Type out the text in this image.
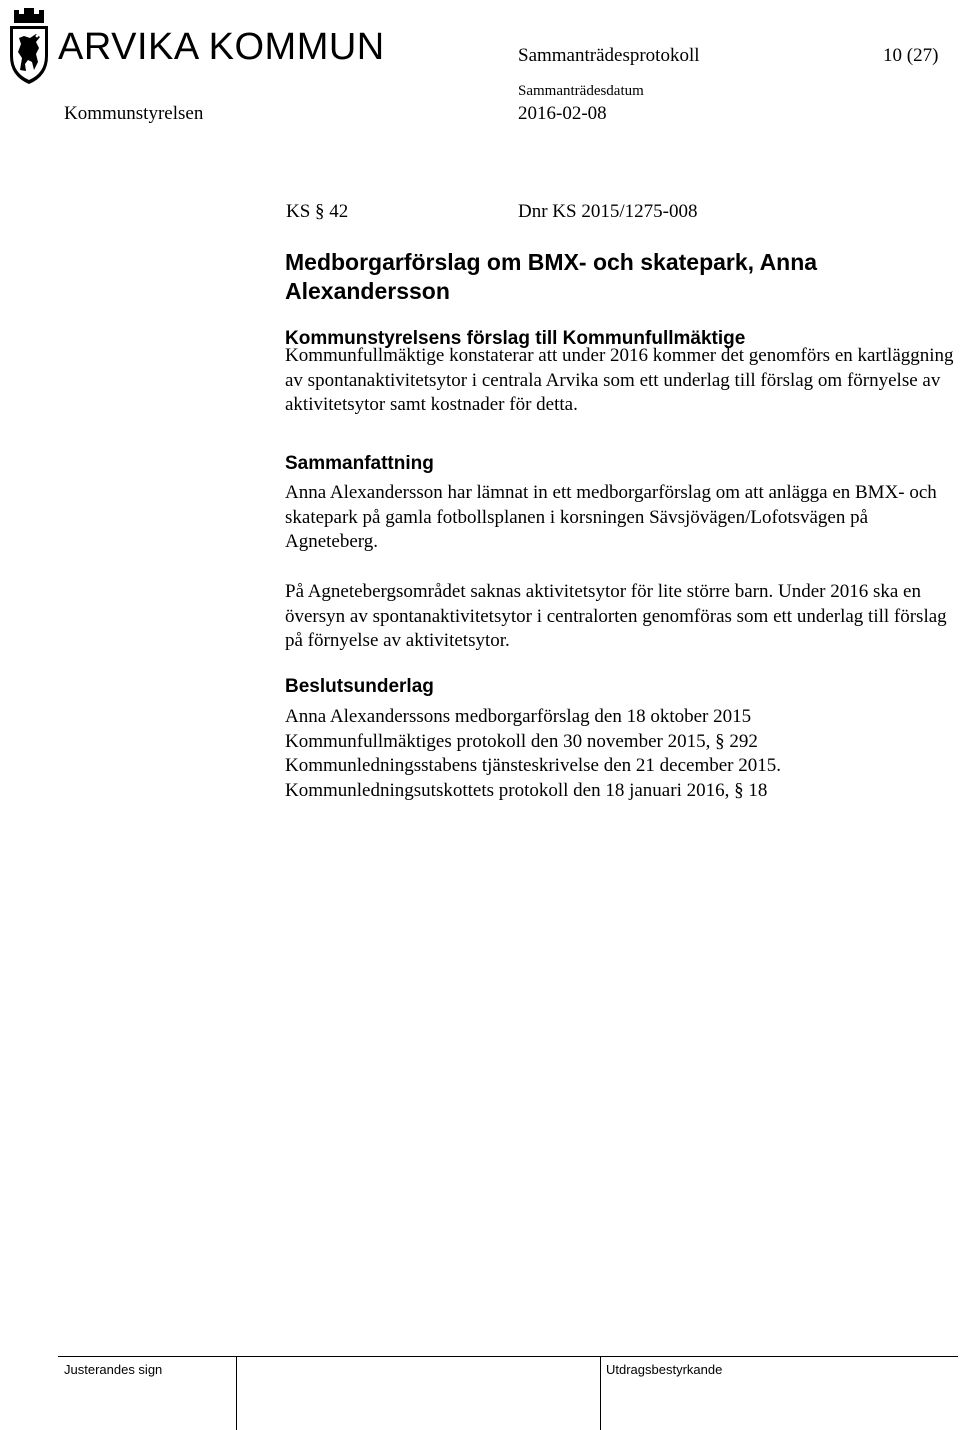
ARVIKA KOMMUN	Sammanträdesprotokoll	10 (27)
Sammanträdesdatum
Kommunstyrelsen	2016-02-08
KS § 42	Dnr KS 2015/1275-008
Medborgarförslag om BMX- och skatepark, Anna Alexandersson
Kommunstyrelsens förslag till Kommunfullmäktige
Kommunfullmäktige konstaterar att under 2016 kommer det genomförs en kartläggning av spontanaktivitetsytor i centrala Arvika som ett underlag till förslag om förnyelse av aktivitetsytor samt kostnader för detta.
Sammanfattning
Anna Alexandersson har lämnat in ett medborgarförslag om att anlägga en BMX- och skatepark på gamla fotbollsplanen i korsningen Sävsjövägen/Lofotsvägen på Agneteberg.
På Agnetebergsområdet saknas aktivitetsytor för lite större barn. Under 2016 ska en översyn av spontanaktivitetsytor i centralorten genomföras som ett underlag till förslag på förnyelse av aktivitetsytor.
Beslutsunderlag
Anna Alexanderssons medborgarförslag den 18 oktober 2015
Kommunfullmäktiges protokoll den 30 november 2015, § 292
Kommunledningsstabens tjänsteskrivelse den 21 december 2015.
Kommunledningsutskottets protokoll den 18 januari 2016, § 18
Justerandes sign	Utdragsbestyrkande
